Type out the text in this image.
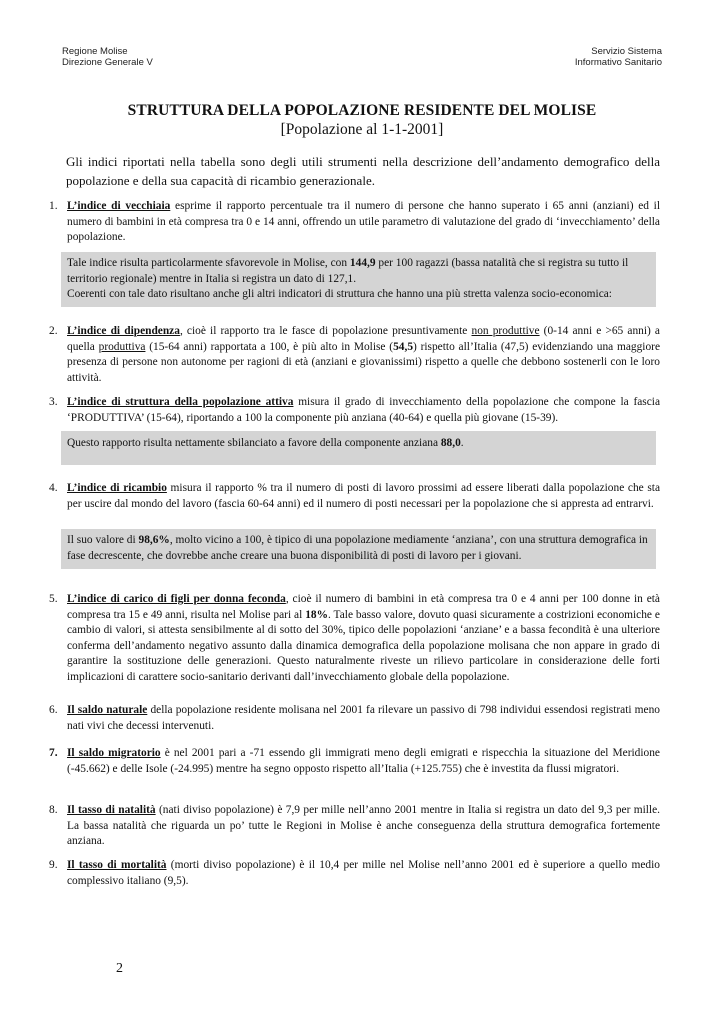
Regione Molise
Direzione Generale V
Servizio Sistema
Informativo Sanitario
STRUTTURA DELLA POPOLAZIONE RESIDENTE DEL MOLISE
[Popolazione al 1-1-2001]
Gli indici riportati nella tabella sono degli utili strumenti nella descrizione dell’andamento demografico della popolazione e della sua capacità di ricambio generazionale.
1. L’indice di vecchiaia esprime il rapporto percentuale tra il numero di persone che hanno superato i 65 anni (anziani) ed il numero di bambini in età compresa tra 0 e 14 anni, offrendo un utile parametro di valutazione del grado di ‘invecchiamento’ della popolazione.
Tale indice risulta particolarmente sfavorevole in Molise, con 144,9 per 100 ragazzi (bassa natalità che si registra su tutto il territorio regionale) mentre in Italia si registra un dato di 127,1.
Coerenti con tale dato risultano anche gli altri indicatori di struttura che hanno una più stretta valenza socio-economica:
2. L’indice di dipendenza, cioè il rapporto tra le fasce di popolazione presuntivamente non produttive (0-14 anni e >65 anni) a quella produttiva (15-64 anni) rapportata a 100, è più alto in Molise (54,5) rispetto all’Italia (47,5) evidenziando una maggiore presenza di persone non autonome per ragioni di età (anziani e giovanissimi) rispetto a quelle che debbono sostenerli con le loro attività.
3. L’indice di struttura della popolazione attiva misura il grado di invecchiamento della popolazione che compone la fascia ‘PRODUTTIVA’ (15-64), riportando a 100 la componente più anziana (40-64) e quella più giovane (15-39).
Questo rapporto risulta nettamente sbilanciato a favore della componente anziana 88,0.
4. L’indice di ricambio misura il rapporto % tra il numero di posti di lavoro prossimi ad essere liberati dalla popolazione che sta per uscire dal mondo del lavoro (fascia 60-64 anni) ed il numero di posti necessari per la popolazione che si appresta ad entrarvi.
Il suo valore di 98,6%, molto vicino a 100, è tipico di una popolazione mediamente ‘anziana’, con una struttura demografica in fase decrescente, che dovrebbe anche creare una buona disponibilità di posti di lavoro per i giovani.
5. L’indice di carico di figli per donna feconda, cioè il numero di bambini in età compresa tra 0 e 4 anni per 100 donne in età compresa tra 15 e 49 anni, risulta nel Molise pari al 18%. Tale basso valore, dovuto quasi sicuramente a costrizioni economiche e cambio di valori, si attesta sensibilmente al di sotto del 30%, tipico delle popolazioni ‘anziane’ e a bassa fecondità è una ulteriore conferma dell’andamento negativo assunto dalla dinamica demografica della popolazione molisana che non appare in grado di garantire la sostituzione delle generazioni. Questo naturalmente riveste un rilievo particolare in considerazione delle forti implicazioni di carattere socio-sanitario derivanti dall’invecchiamento globale della popolazione.
6. Il saldo naturale della popolazione residente molisana nel 2001 fa rilevare un passivo di 798 individui essendosi registrati meno nati vivi che decessi intervenuti.
7. Il saldo migratorio è nel 2001 pari a -71 essendo gli immigrati meno degli emigrati e rispecchia la situazione del Meridione (-45.662) e delle Isole (-24.995) mentre ha segno opposto rispetto all’Italia (+125.755) che è investita da flussi migratori.
8. Il tasso di natalità (nati diviso popolazione) è 7,9 per mille nell’anno 2001 mentre in Italia si registra un dato del 9,3 per mille. La bassa natalità che riguarda un po’ tutte le Regioni in Molise è anche conseguenza della struttura demografica fortemente anziana.
9. Il tasso di mortalità (morti diviso popolazione) è il 10,4 per mille nel Molise nell’anno 2001 ed è superiore a quello medio complessivo italiano (9,5).
2
